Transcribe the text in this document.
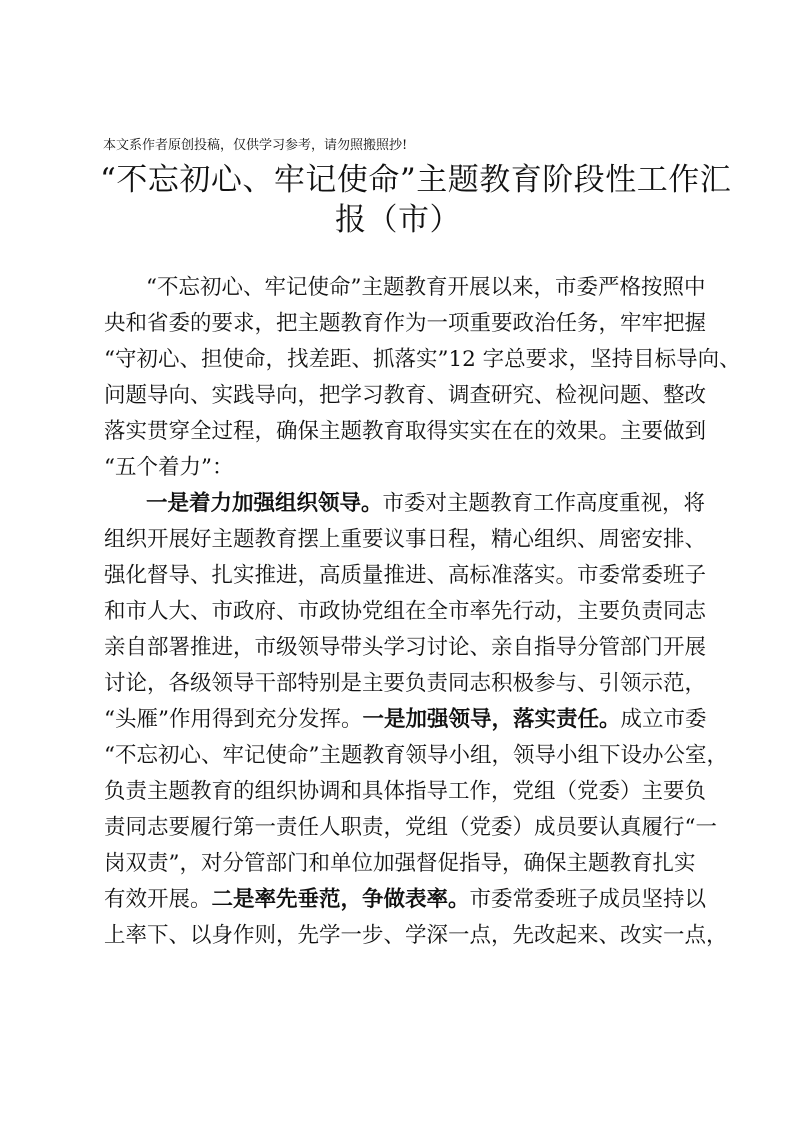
本文系作者原创投稿，仅供学习参考，请勿照搬照抄!
“不忘初心、牢记使命”主题教育阶段性工作汇
报（市）
“不忘初心、牢记使命”主题教育开展以来，市委严格按照中
央和省委的要求，把主题教育作为一项重要政治任务，牢牢把握
“守初心、担使命，找差距、抓落实”12 字总要求，坚持目标导向、
问题导向、实践导向，把学习教育、调查研究、检视问题、整改
落实贯穿全过程，确保主题教育取得实实在在的效果。主要做到
“五个着力”：
一是着力加强组织领导。市委对主题教育工作高度重视，将
组织开展好主题教育摆上重要议事日程，精心组织、周密安排、
强化督导、扎实推进，高质量推进、高标准落实。市委常委班子
和市人大、市政府、市政协党组在全市率先行动，主要负责同志
亲自部署推进，市级领导带头学习讨论、亲自指导分管部门开展
讨论，各级领导干部特别是主要负责同志积极参与、引领示范，
“头雁”作用得到充分发挥。一是加强领导，落实责任。成立市委
“不忘初心、牢记使命”主题教育领导小组，领导小组下设办公室，
负责主题教育的组织协调和具体指导工作，党组（党委）主要负
责同志要履行第一责任人职责，党组（党委）成员要认真履行“一
岗双责”，对分管部门和单位加强督促指导，确保主题教育扎实
有效开展。二是率先垂范，争做表率。市委常委班子成员坚持以
上率下、以身作则，先学一步、学深一点，先改起来、改实一点，
